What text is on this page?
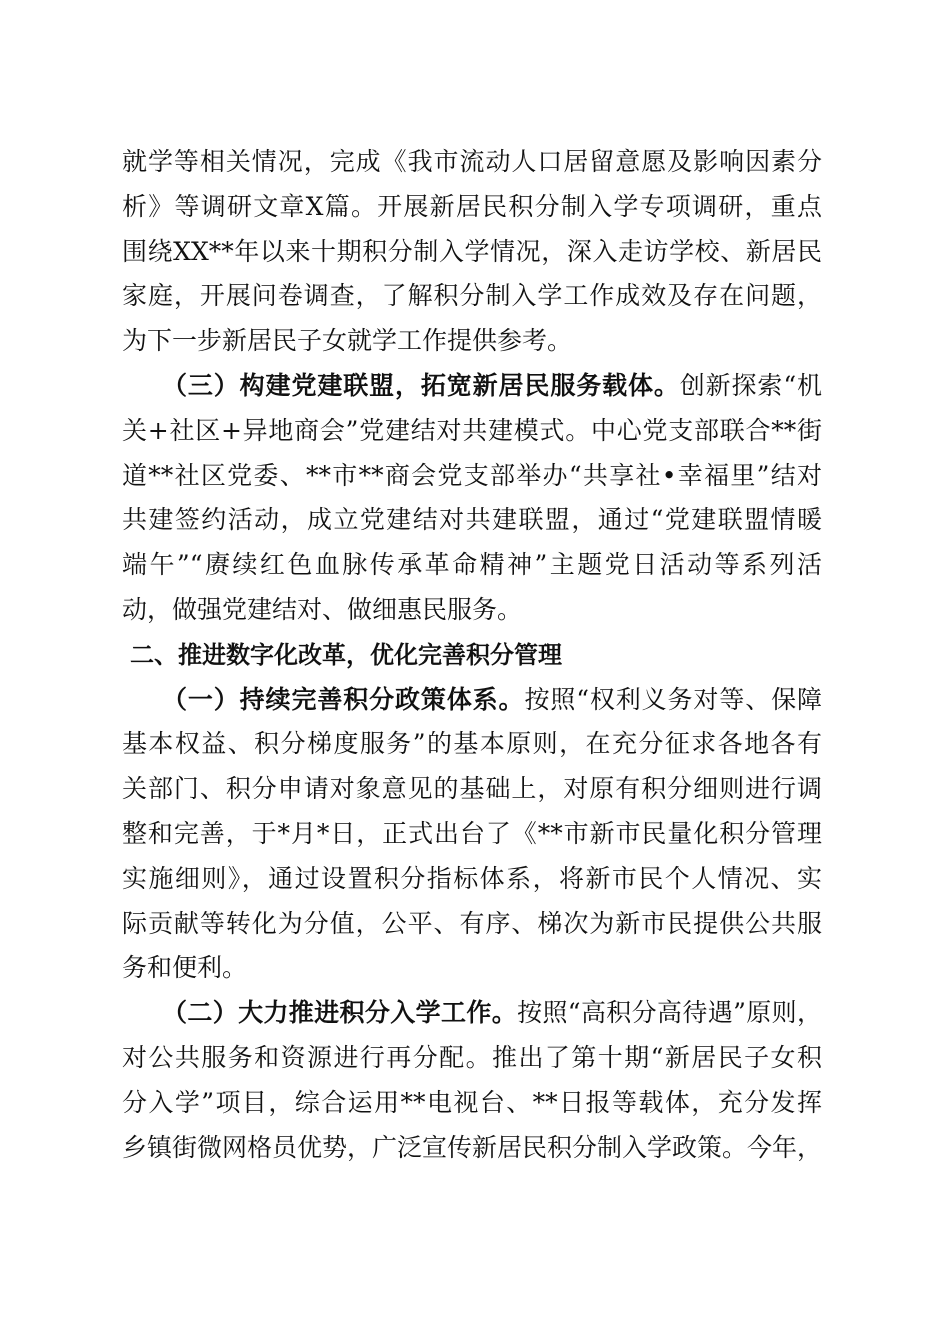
就学等相关情况，完成《我市流动人口居留意愿及影响因素分
析》等调研文章X篇。开展新居民积分制入学专项调研，重点
围绕XX**年以来十期积分制入学情况，深入走访学校、新居民
家庭，开展问卷调查，了解积分制入学工作成效及存在问题，
为下一步新居民子女就学工作提供参考。
（三）构建党建联盟，拓宽新居民服务载体。创新探索“机
关+社区+异地商会”党建结对共建模式。中心党支部联合**街
道**社区党委、**市**商会党支部举办“共享社•幸福里”结对
共建签约活动，成立党建结对共建联盟，通过“党建联盟情暖
端午”“赓续红色血脉传承革命精神”主题党日活动等系列活
动，做强党建结对、做细惠民服务。
二、推进数字化改革，优化完善积分管理
（一）持续完善积分政策体系。按照“权利义务对等、保障
基本权益、积分梯度服务”的基本原则，在充分征求各地各有
关部门、积分申请对象意见的基础上，对原有积分细则进行调
整和完善，于*月*日，正式出台了《**市新市民量化积分管理
实施细则》，通过设置积分指标体系，将新市民个人情况、实
际贡献等转化为分值，公平、有序、梯次为新市民提供公共服
务和便利。
（二）大力推进积分入学工作。按照“高积分高待遇”原则，
对公共服务和资源进行再分配。推出了第十期“新居民子女积
分入学”项目，综合运用**电视台、**日报等载体，充分发挥
乡镇街微网格员优势，广泛宣传新居民积分制入学政策。今年，
